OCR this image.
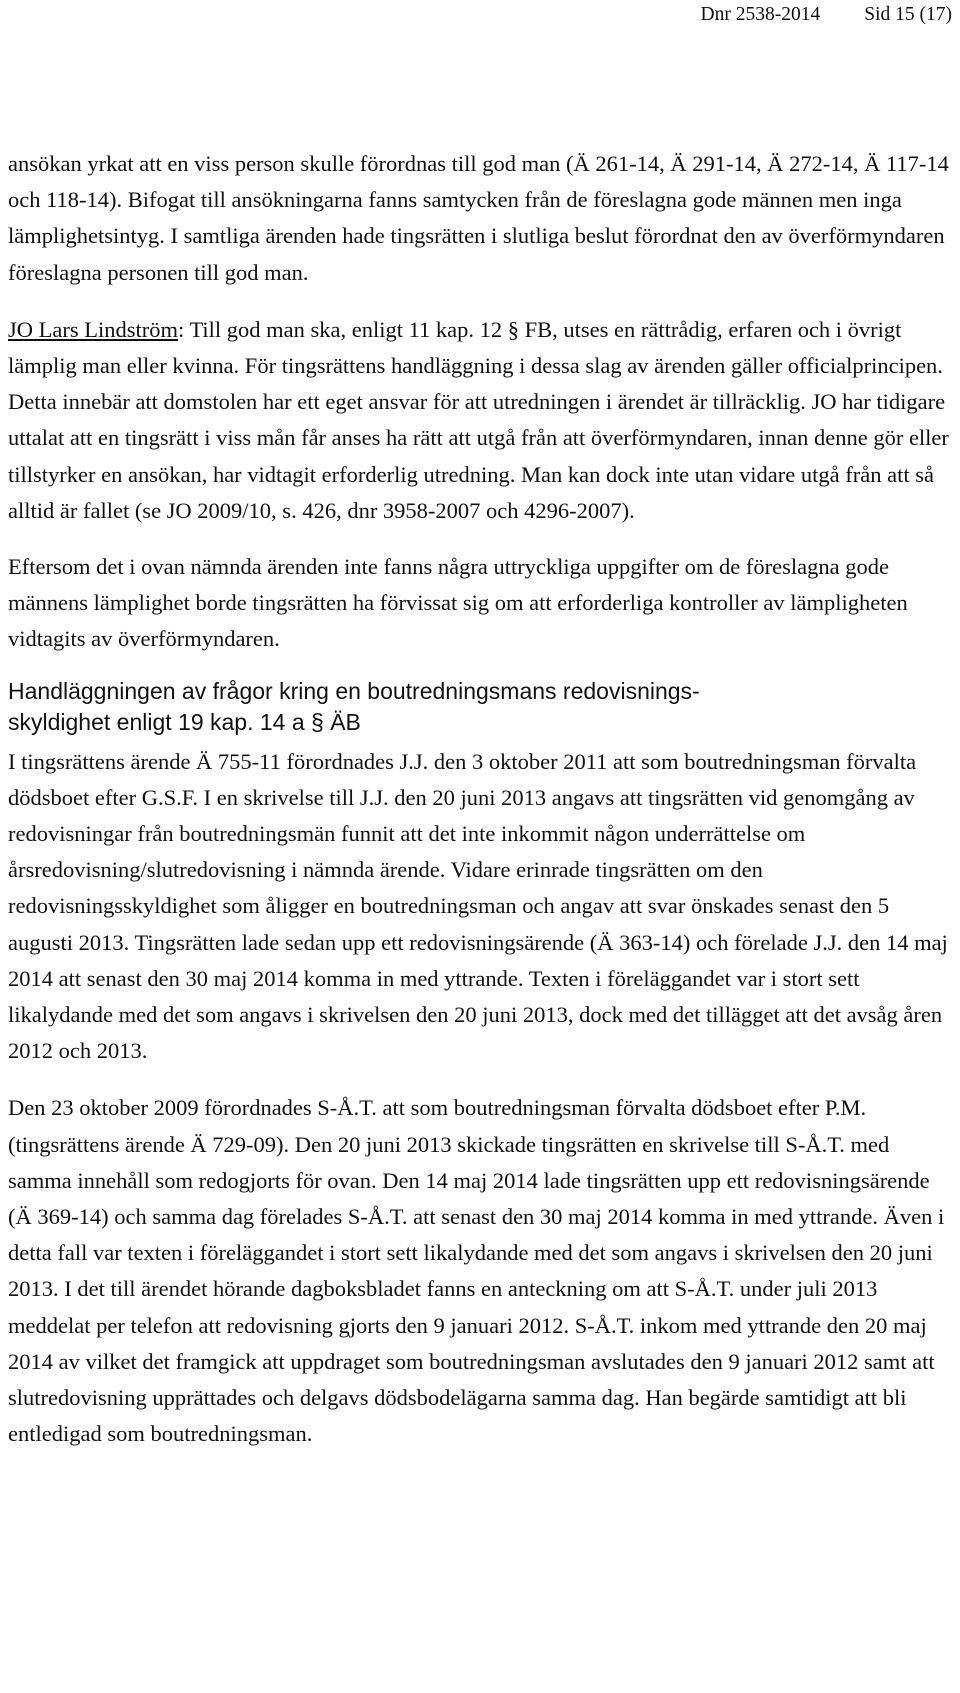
Dnr 2538-2014 Sid 15 (17)

ansökan yrkat att en viss person skulle förordnas till god man (Ä 261-14, Ä 291-14, Ä 272-14, Ä 117-14 och 118-14). Bifogat till ansökningarna fanns samtycken från de föreslagna gode männen men inga lämplighetsintyg. I samtliga ärenden hade tingsrätten i slutliga beslut förordnat den av överförmyndaren föreslagna personen till god man.

JO Lars Lindström: Till god man ska, enligt 11 kap. 12 § FB, utses en rättrådig, erfaren och i övrigt lämplig man eller kvinna. För tingsrättens handläggning i dessa slag av ärenden gäller officialprincipen. Detta innebär att domstolen har ett eget ansvar för att utredningen i ärendet är tillräcklig. JO har tidigare uttalat att en tingsrätt i viss mån får anses ha rätt att utgå från att överförmyndaren, innan denne gör eller tillstyrker en ansökan, har vidtagit erforderlig utredning. Man kan dock inte utan vidare utgå från att så alltid är fallet (se JO 2009/10, s. 426, dnr 3958-2007 och 4296-2007).

Eftersom det i ovan nämnda ärenden inte fanns några uttryckliga uppgifter om de föreslagna gode männens lämplighet borde tingsrätten ha förvissat sig om att erforderliga kontroller av lämpligheten vidtagits av överförmyndaren.

Handläggningen av frågor kring en boutredningsmans redovisnings-
skyldighet enligt 19 kap. 14 a § ÄB

I tingsrättens ärende Ä 755-11 förordnades J.J. den 3 oktober 2011 att som boutredningsman förvalta dödsboet efter G.S.F. I en skrivelse till J.J. den 20 juni 2013 angavs att tingsrätten vid genomgång av redovisningar från boutredningsmän funnit att det inte inkommit någon underrättelse om årsredovisning/slutredovisning i nämnda ärende. Vidare erinrade tingsrätten om den redovisningsskyldighet som åligger en boutredningsman och angav att svar önskades senast den 5 augusti 2013. Tingsrätten lade sedan upp ett redovisningsärende (Ä 363-14) och förelade J.J. den 14 maj 2014 att senast den 30 maj 2014 komma in med yttrande. Texten i föreläggandet var i stort sett likalydande med det som angavs i skrivelsen den 20 juni 2013, dock med det tillägget att det avsåg åren 2012 och 2013.

Den 23 oktober 2009 förordnades S-Å.T. att som boutredningsman förvalta dödsboet efter P.M. (tingsrättens ärende Ä 729-09). Den 20 juni 2013 skickade tingsrätten en skrivelse till S-Å.T. med samma innehåll som redogjorts för ovan. Den 14 maj 2014 lade tingsrätten upp ett redovisningsärende (Ä 369-14) och samma dag förelades S-Å.T. att senast den 30 maj 2014 komma in med yttrande. Även i detta fall var texten i föreläggandet i stort sett likalydande med det som angavs i skrivelsen den 20 juni 2013. I det till ärendet hörande dagboksbladet fanns en anteckning om att S-Å.T. under juli 2013 meddelat per telefon att redovisning gjorts den 9 januari 2012. S-Å.T. inkom med yttrande den 20 maj 2014 av vilket det framgick att uppdraget som boutredningsman avslutades den 9 januari 2012 samt att slutredovisning upprättades och delgavs dödsbodelägarna samma dag. Han begärde samtidigt att bli entledigad som boutredningsman.
